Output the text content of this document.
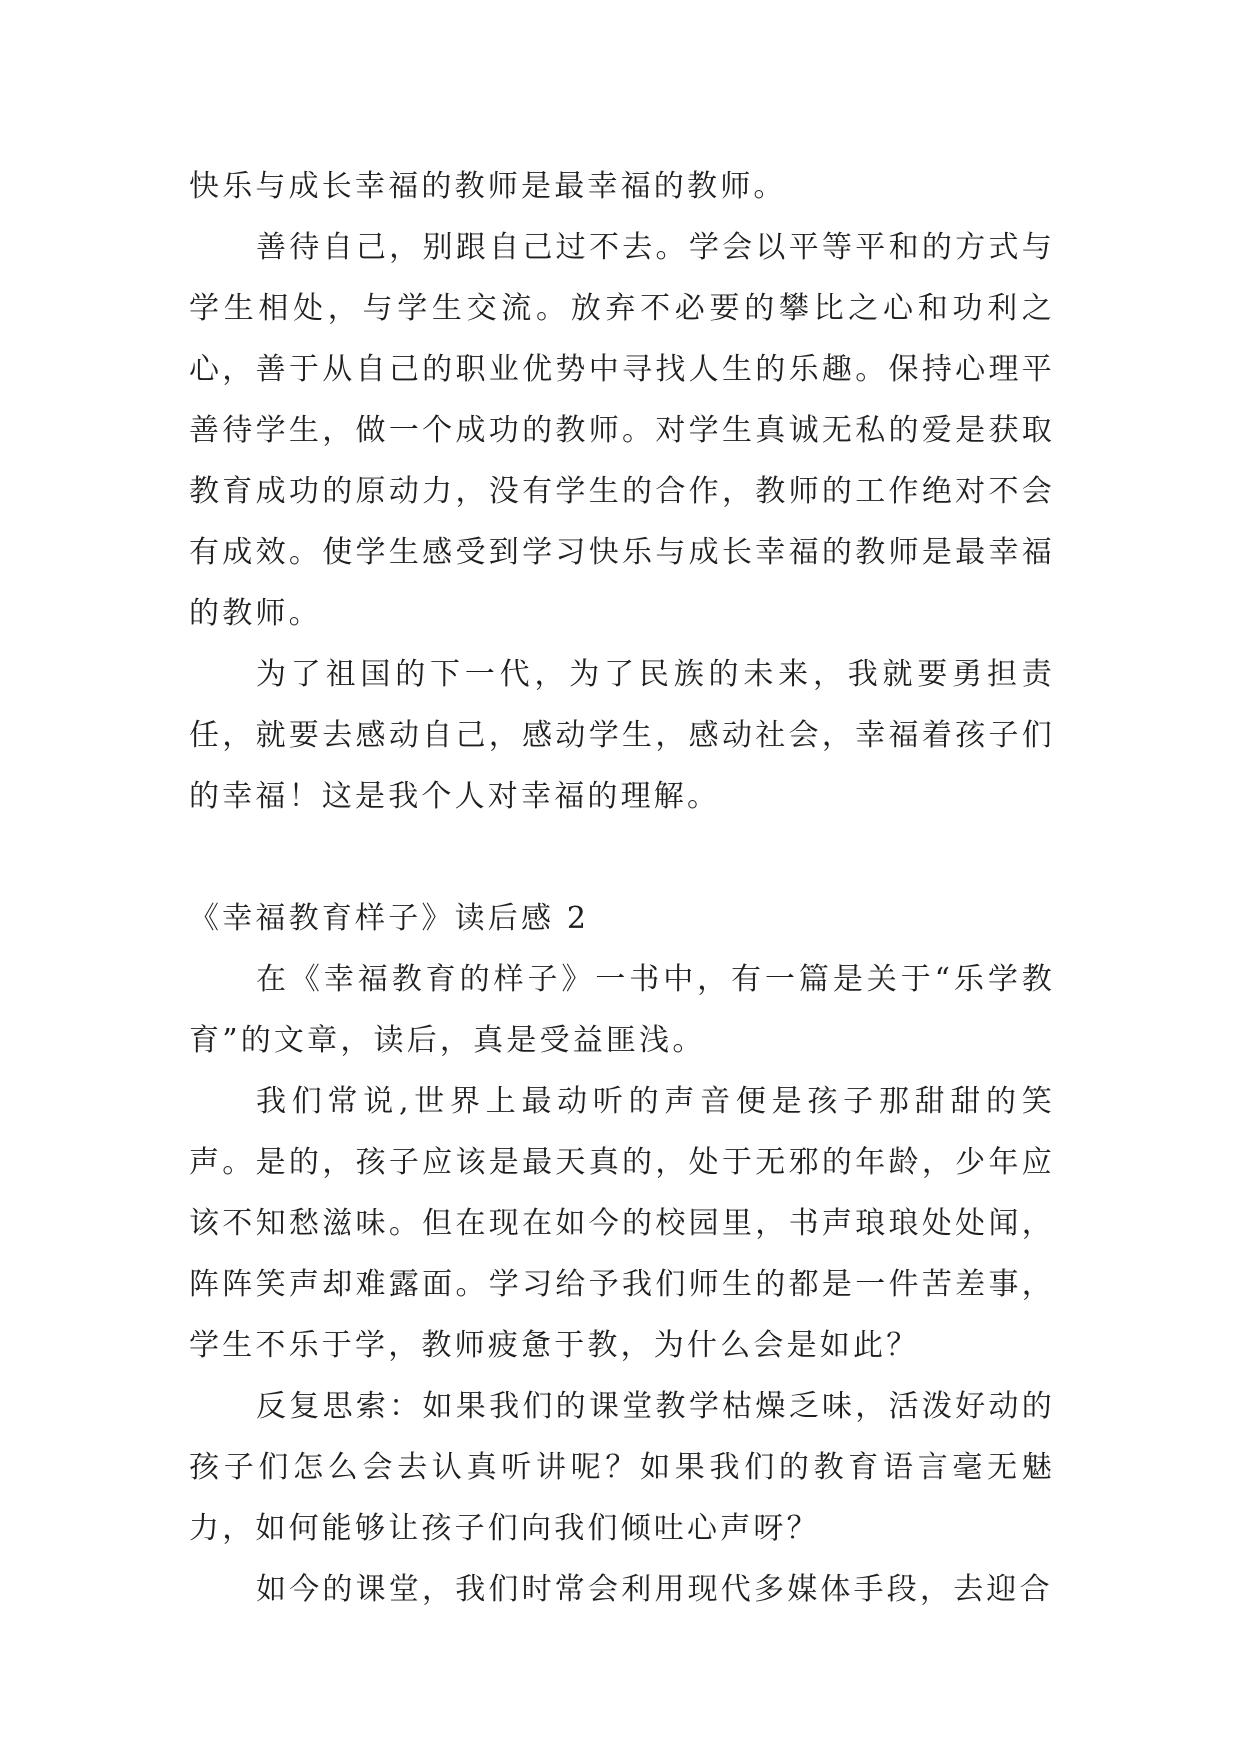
快乐与成长幸福的教师是最幸福的教师。

善待自己，别跟自己过不去。学会以平等平和的方式与学生相处，与学生交流。放弃不必要的攀比之心和功利之心，善于从自己的职业优势中寻找人生的乐趣。保持心理平善待学生，做一个成功的教师。对学生真诚无私的爱是获取教育成功的原动力，没有学生的合作，教师的工作绝对不会有成效。使学生感受到学习快乐与成长幸福的教师是最幸福的教师。

为了祖国的下一代，为了民族的未来，我就要勇担责任，就要去感动自己，感动学生，感动社会，幸福着孩子们的幸福！这是我个人对幸福的理解。

《幸福教育样子》读后感 2

在《幸福教育的样子》一书中，有一篇是关于“乐学教育”的文章，读后，真是受益匪浅。

我们常说,世界上最动听的声音便是孩子那甜甜的笑声。是的，孩子应该是最天真的，处于无邪的年龄，少年应该不知愁滋味。但在现在如今的校园里，书声琅琅处处闻，阵阵笑声却难露面。学习给予我们师生的都是一件苦差事，学生不乐于学，教师疲惫于教，为什么会是如此？

反复思索：如果我们的课堂教学枯燥乏味，活泼好动的孩子们怎么会去认真听讲呢？如果我们的教育语言毫无魅力，如何能够让孩子们向我们倾吐心声呀？

如今的课堂，我们时常会利用现代多媒体手段，去迎合
